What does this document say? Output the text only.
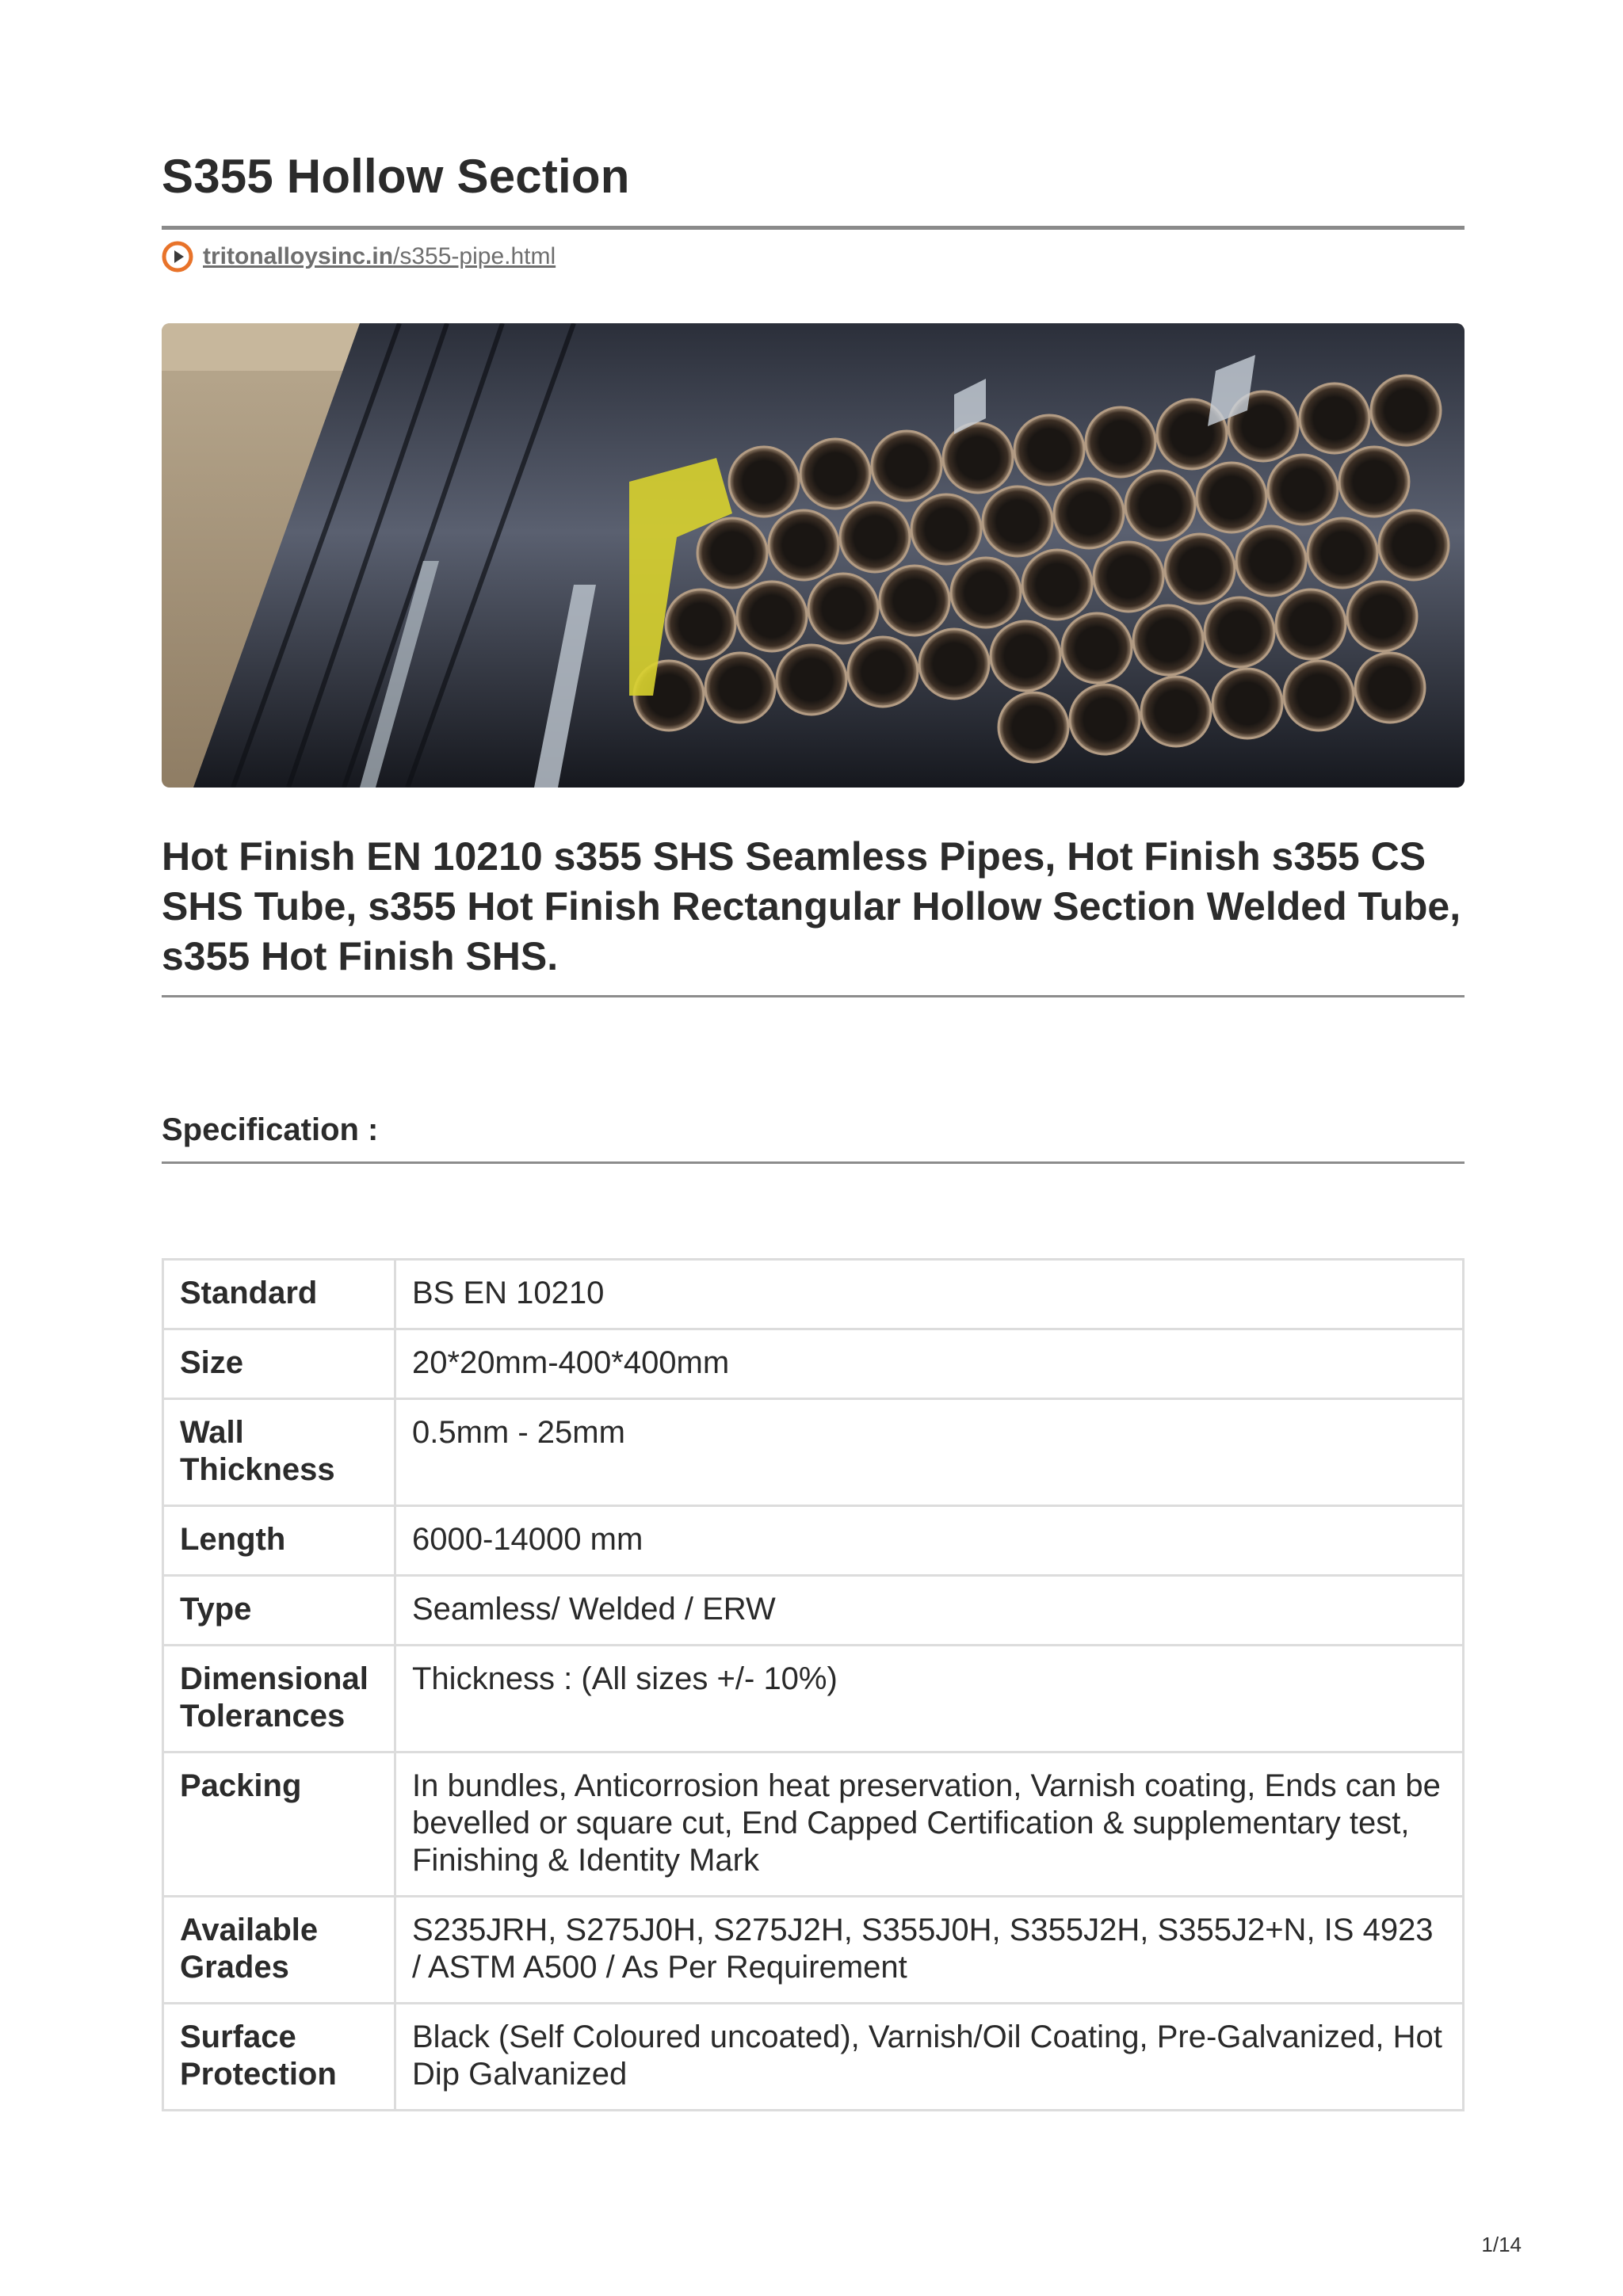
S355 Hollow Section
tritonalloysinc.in/s355-pipe.html
Hot Finish EN 10210 s355 SHS Seamless Pipes, Hot Finish s355 CS SHS Tube, s355 Hot Finish Rectangular Hollow Section Welded Tube, s355 Hot Finish SHS.
Specification :
Standard	BS EN 10210
Size	20*20mm-400*400mm
Wall Thickness	0.5mm - 25mm
Length	6000-14000 mm
Type	Seamless/ Welded / ERW
Dimensional Tolerances	Thickness : (All sizes +/- 10%)
Packing	In bundles, Anticorrosion heat preservation, Varnish coating, Ends can be bevelled or square cut, End Capped Certification & supplementary test, Finishing & Identity Mark
Available Grades	S235JRH, S275J0H, S275J2H, S355J0H, S355J2H, S355J2+N, IS 4923 / ASTM A500 / As Per Requirement
Surface Protection	Black (Self Coloured uncoated), Varnish/Oil Coating, Pre-Galvanized, Hot Dip Galvanized
1/14
